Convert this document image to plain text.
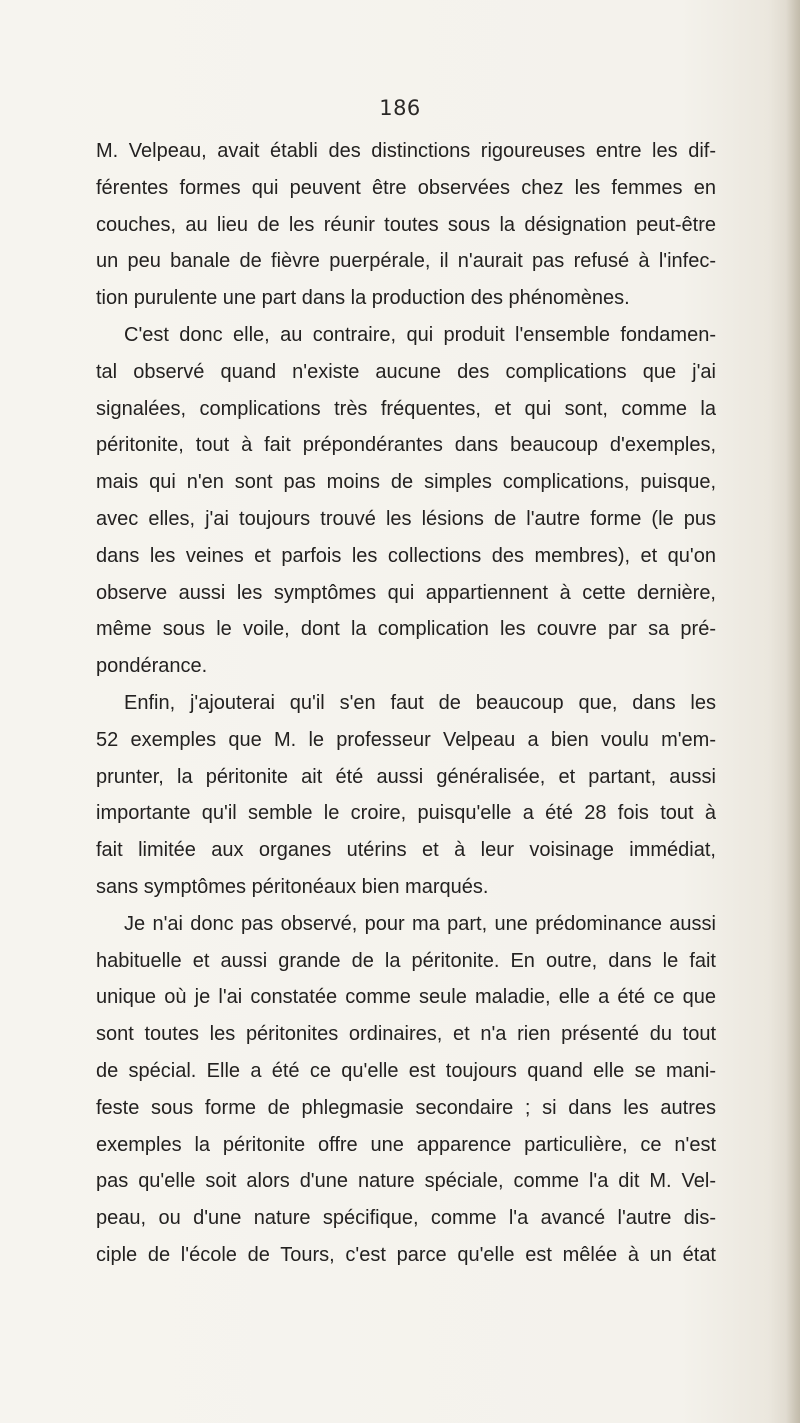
186
M. Velpeau, avait établi des distinctions rigoureuses entre les dif-
férentes formes qui peuvent être observées chez les femmes en
couches, au lieu de les réunir toutes sous la désignation peut-être
un peu banale de fièvre puerpérale, il n'aurait pas refusé à l'infec-
tion purulente une part dans la production des phénomènes.
C'est donc elle, au contraire, qui produit l'ensemble fondamen-
tal observé quand n'existe aucune des complications que j'ai
signalées, complications très fréquentes, et qui sont, comme la
péritonite, tout à fait prépondérantes dans beaucoup d'exemples,
mais qui n'en sont pas moins de simples complications, puisque,
avec elles, j'ai toujours trouvé les lésions de l'autre forme (le pus
dans les veines et parfois les collections des membres), et qu'on
observe aussi les symptômes qui appartiennent à cette dernière,
même sous le voile, dont la complication les couvre par sa pré-
pondérance.
Enfin, j'ajouterai qu'il s'en faut de beaucoup que, dans les
52 exemples que M. le professeur Velpeau a bien voulu m'em-
prunter, la péritonite ait été aussi généralisée, et partant, aussi
importante qu'il semble le croire, puisqu'elle a été 28 fois tout à
fait limitée aux organes utérins et à leur voisinage immédiat,
sans symptômes péritonéaux bien marqués.
Je n'ai donc pas observé, pour ma part, une prédominance aussi
habituelle et aussi grande de la péritonite. En outre, dans le fait
unique où je l'ai constatée comme seule maladie, elle a été ce que
sont toutes les péritonites ordinaires, et n'a rien présenté du tout
de spécial. Elle a été ce qu'elle est toujours quand elle se mani-
feste sous forme de phlegmasie secondaire ; si dans les autres
exemples la péritonite offre une apparence particulière, ce n'est
pas qu'elle soit alors d'une nature spéciale, comme l'a dit M. Vel-
peau, ou d'une nature spécifique, comme l'a avancé l'autre dis-
ciple de l'école de Tours, c'est parce qu'elle est mêlée à un état
